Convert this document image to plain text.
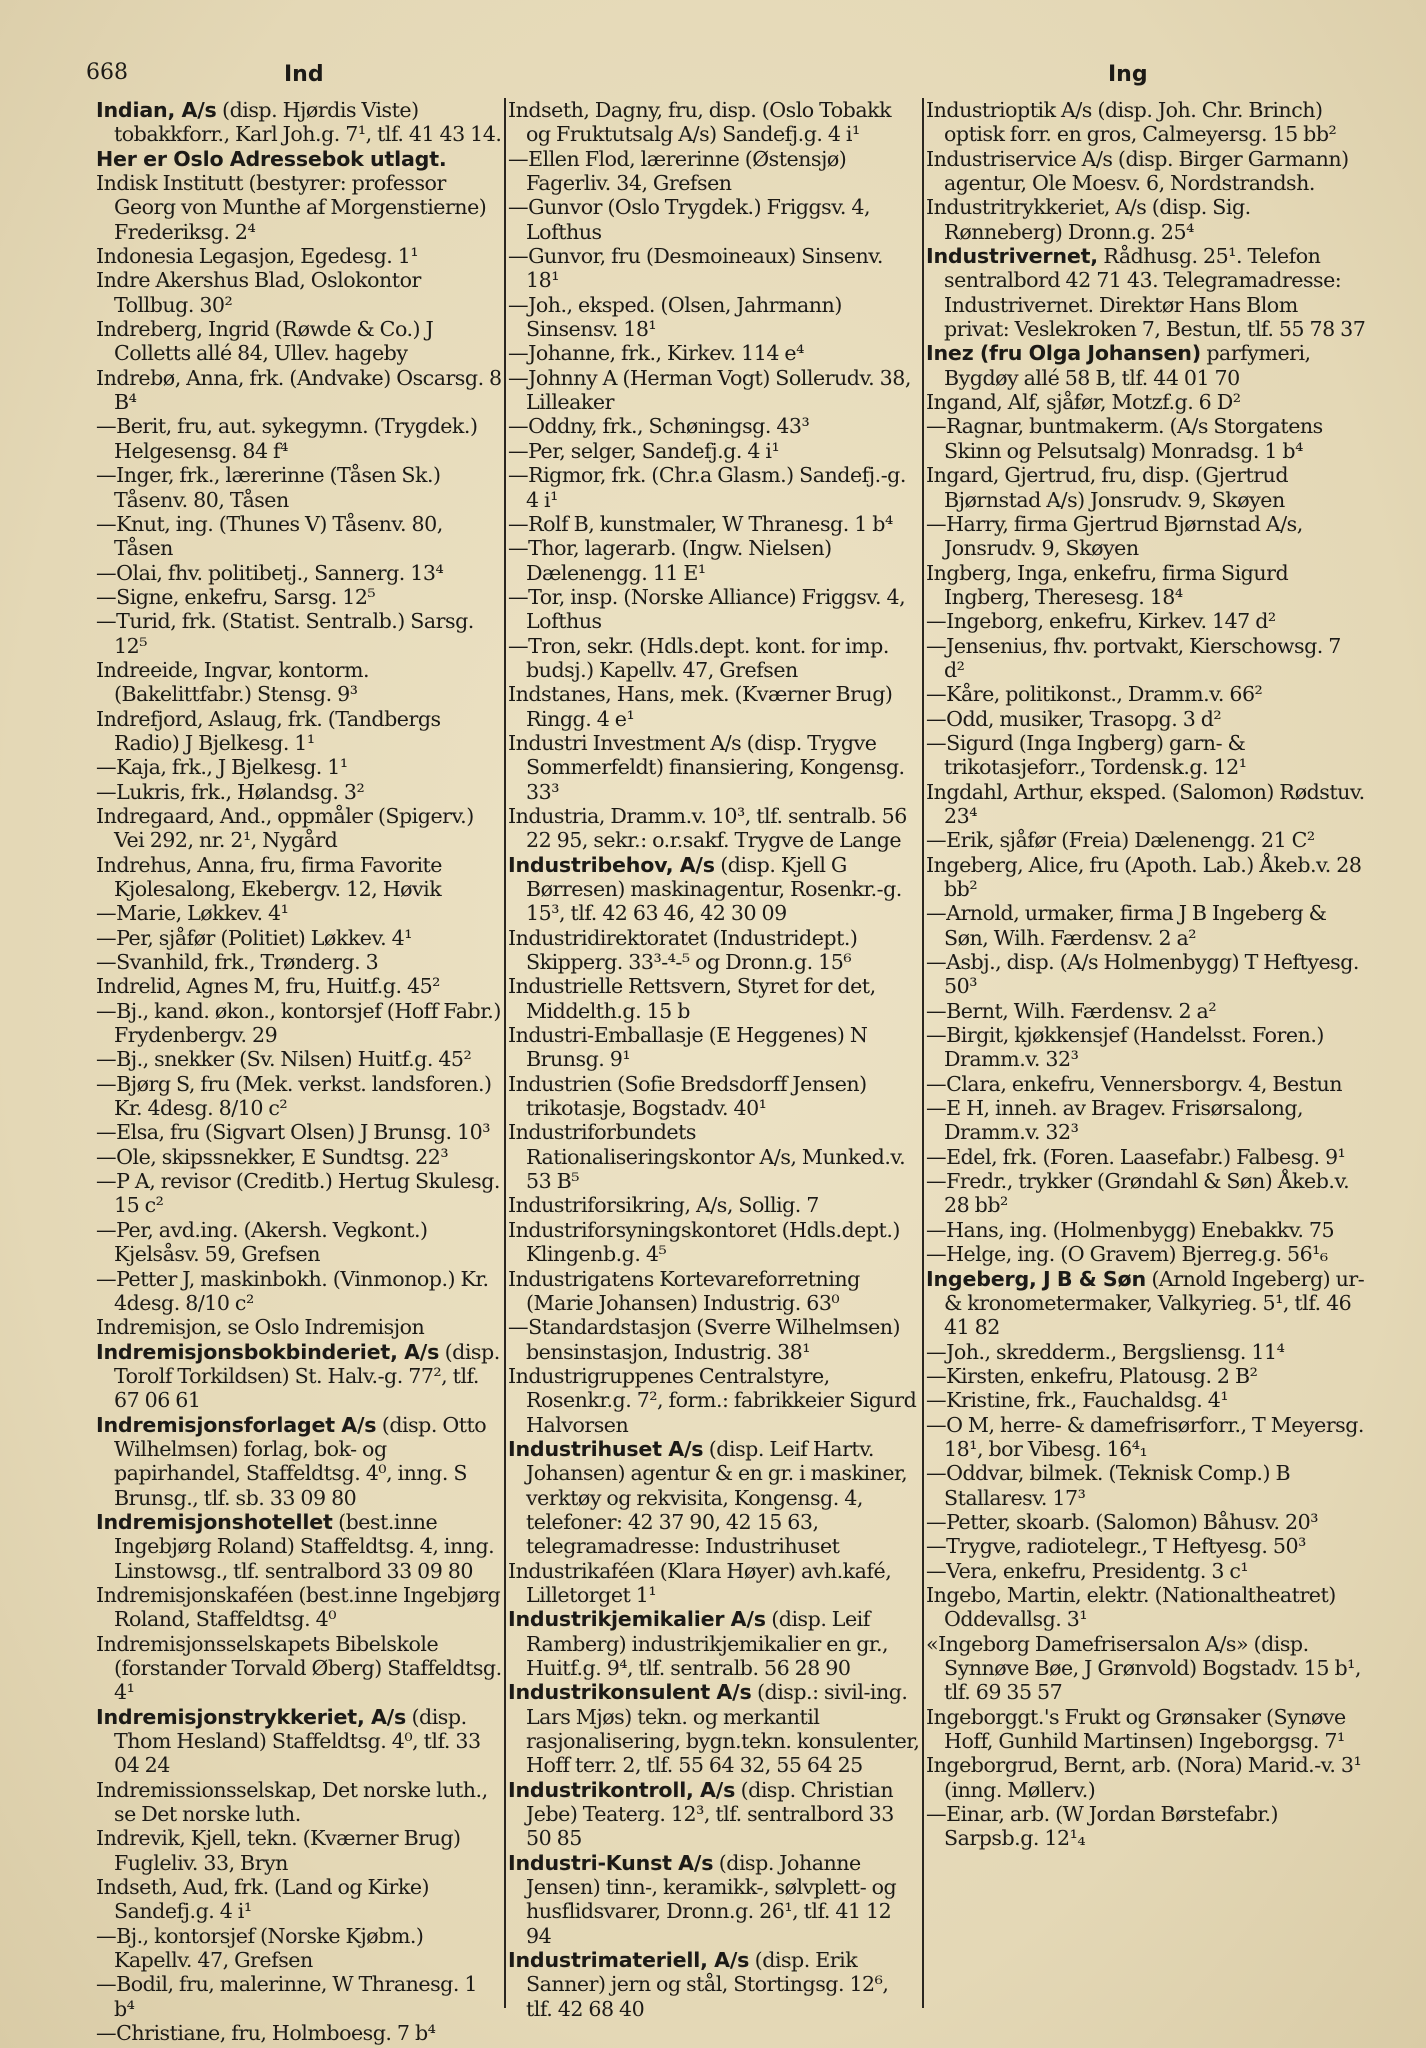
668	Ind	Ing

Indian, A/s (disp. Hjørdis Viste) tobakkforr., Karl Joh.g. 7¹, tlf. 41 43 14.

Her er Oslo Adressebok utlagt.

Indisk Institutt (bestyrer: professor Georg von Munthe af Morgenstierne) Frederiksg. 2⁴

Indonesia Legasjon, Egedesg. 1¹

Indre Akershus Blad, Oslokontor Tollbug. 30²

Indreberg, Ingrid (Røwde & Co.) J Colletts allé 84, Ullev. hageby

Indrebø, Anna, frk. (Andvake) Oscarsg. 8 B⁴

—Berit, fru, aut. sykegymn. (Trygdek.) Helgesensg. 84 f⁴

—Inger, frk., lærerinne (Tåsen Sk.) Tåsenv. 80, Tåsen

—Knut, ing. (Thunes V) Tåsenv. 80, Tåsen

—Olai, fhv. politibetj., Sannerg. 13⁴

—Signe, enkefru, Sarsg. 12⁵

—Turid, frk. (Statist. Sentralb.) Sarsg. 12⁵

Indreeide, Ingvar, kontorm. (Bakelittfabr.) Stensg. 9³

Indrefjord, Aslaug, frk. (Tandbergs Radio) J Bjelkesg. 1¹

—Kaja, frk., J Bjelkesg. 1¹

—Lukris, frk., Hølandsg. 3²

Indregaard, And., oppmåler (Spigerv.) Vei 292, nr. 2¹, Nygård

Indrehus, Anna, fru, firma Favorite Kjolesalong, Ekebergv. 12, Høvik

—Marie, Løkkev. 4¹

—Per, sjåfør (Politiet) Løkkev. 4¹

—Svanhild, frk., Trønderg. 3

Indrelid, Agnes M, fru, Huitf.g. 45²

—Bj., kand. økon., kontorsjef (Hoff Fabr.) Frydenbergv. 29

—Bj., snekker (Sv. Nilsen) Huitf.g. 45²

—Bjørg S, fru (Mek. verkst. landsforen.) Kr. 4desg. 8/10 c²

—Elsa, fru (Sigvart Olsen) J Brunsg. 10³

—Ole, skipssnekker, E Sundtsg. 22³

—P A, revisor (Creditb.) Hertug Skulesg. 15 c²

—Per, avd.ing. (Akersh. Vegkont.) Kjelsåsv. 59, Grefsen

—Petter J, maskinbokh. (Vinmonop.) Kr. 4desg. 8/10 c²

Indremisjon, se Oslo Indremisjon

Indremisjonsbokbinderiet, A/s (disp. Torolf Torkildsen) St. Halv.-g. 77², tlf. 67 06 61

Indremisjonsforlaget A/s (disp. Otto Wilhelmsen) forlag, bok- og papirhandel, Staffeldtsg. 4⁰, inng. S Brunsg., tlf. sb. 33 09 80

Indremisjonshotellet (best.inne Ingebjørg Roland) Staffeldtsg. 4, inng. Linstowsg., tlf. sentralbord 33 09 80

Indremisjonskaféen (best.inne Ingebjørg Roland, Staffeldtsg. 4⁰

Indremisjonsselskapets Bibelskole (forstander Torvald Øberg) Staffeldtsg. 4¹

Indremisjonstrykkeriet, A/s (disp. Thom Hesland) Staffeldtsg. 4⁰, tlf. 33 04 24

Indremissionsselskap, Det norske luth., se Det norske luth.

Indrevik, Kjell, tekn. (Kværner Brug) Fugleliv. 33, Bryn

Indseth, Aud, frk. (Land og Kirke) Sandefj.g. 4 i¹

—Bj., kontorsjef (Norske Kjøbm.) Kapellv. 47, Grefsen

—Bodil, fru, malerinne, W Thranesg. 1 b⁴

—Christiane, fru, Holmboesg. 7 b⁴

Indseth, Dagny, fru, disp. (Oslo Tobakk og Fruktutsalg A/s) Sandefj.g. 4 i¹

—Ellen Flod, lærerinne (Østensjø) Fagerliv. 34, Grefsen

—Gunvor (Oslo Trygdek.) Friggsv. 4, Lofthus

—Gunvor, fru (Desmoineaux) Sinsenv. 18¹

—Joh., eksped. (Olsen, Jahrmann) Sinsensv. 18¹

—Johanne, frk., Kirkev. 114 e⁴

—Johnny A (Herman Vogt) Sollerudv. 38, Lilleaker

—Oddny, frk., Schøningsg. 43³

—Per, selger, Sandefj.g. 4 i¹

—Rigmor, frk. (Chr.a Glasm.) Sandefj.-g. 4 i¹

—Rolf B, kunstmaler, W Thranesg. 1 b⁴

—Thor, lagerarb. (Ingw. Nielsen) Dælenengg. 11 E¹

—Tor, insp. (Norske Alliance) Friggsv. 4, Lofthus

—Tron, sekr. (Hdls.dept. kont. for imp. budsj.) Kapellv. 47, Grefsen

Indstanes, Hans, mek. (Kværner Brug) Ringg. 4 e¹

Industri Investment A/s (disp. Trygve Sommerfeldt) finansiering, Kongensg. 33³

Industria, Dramm.v. 10³, tlf. sentralb. 56 22 95, sekr.: o.r.sakf. Trygve de Lange

Industribehov, A/s (disp. Kjell G Børresen) maskinagentur, Rosenkr.-g. 15³, tlf. 42 63 46, 42 30 09

Industridirektoratet (Industridept.) Skipperg. 33³-⁴-⁵ og Dronn.g. 15⁶

Industrielle Rettsvern, Styret for det, Middelth.g. 15 b

Industri-Emballasje (E Heggenes) N Brunsg. 9¹

Industrien (Sofie Bredsdorff Jensen) trikotasje, Bogstadv. 40¹

Industriforbundets Rationaliseringskontor A/s, Munked.v. 53 B⁵

Industriforsikring, A/s, Sollig. 7

Industriforsyningskontoret (Hdls.dept.) Klingenb.g. 4⁵

Industrigatens Kortevareforretning (Marie Johansen) Industrig. 63⁰

—Standardstasjon (Sverre Wilhelmsen) bensinstasjon, Industrig. 38¹

Industrigruppenes Centralstyre, Rosenkr.g. 7², form.: fabrikkeier Sigurd Halvorsen

Industrihuset A/s (disp. Leif Hartv. Johansen) agentur & en gr. i maskiner, verktøy og rekvisita, Kongensg. 4, telefoner: 42 37 90, 42 15 63, telegramadresse: Industrihuset

Industrikaféen (Klara Høyer) avh.kafé, Lilletorget 1¹

Industrikjemikalier A/s (disp. Leif Ramberg) industrikjemikalier en gr., Huitf.g. 9⁴, tlf. sentralb. 56 28 90

Industrikonsulent A/s (disp.: sivil-ing. Lars Mjøs) tekn. og merkantil rasjonalisering, bygn.tekn. konsulenter, Hoff terr. 2, tlf. 55 64 32, 55 64 25

Industrikontroll, A/s (disp. Christian Jebe) Teaterg. 12³, tlf. sentralbord 33 50 85

Industri-Kunst A/s (disp. Johanne Jensen) tinn-, keramikk-, sølvplett- og husflidsvarer, Dronn.g. 26¹, tlf. 41 12 94

Industrimateriell, A/s (disp. Erik Sanner) jern og stål, Stortingsg. 12⁶, tlf. 42 68 40

Industrioptik A/s (disp. Joh. Chr. Brinch) optisk forr. en gros, Calmeyersg. 15 bb²

Industriservice A/s (disp. Birger Garmann) agentur, Ole Moesv. 6, Nordstrandsh.

Industritrykkeriet, A/s (disp. Sig. Rønneberg) Dronn.g. 25⁴

Industrivernet, Rådhusg. 25¹. Telefon sentralbord 42 71 43. Telegramadresse: Industrivernet. Direktør Hans Blom privat: Veslekroken 7, Bestun, tlf. 55 78 37

Inez (fru Olga Johansen) parfymeri, Bygdøy allé 58 B, tlf. 44 01 70

Ingand, Alf, sjåfør, Motzf.g. 6 D²

—Ragnar, buntmakerm. (A/s Storgatens Skinn og Pelsutsalg) Monradsg. 1 b⁴

Ingard, Gjertrud, fru, disp. (Gjertrud Bjørnstad A/s) Jonsrudv. 9, Skøyen

—Harry, firma Gjertrud Bjørnstad A/s, Jonsrudv. 9, Skøyen

Ingberg, Inga, enkefru, firma Sigurd Ingberg, Theresesg. 18⁴

—Ingeborg, enkefru, Kirkev. 147 d²

—Jensenius, fhv. portvakt, Kierschowsg. 7 d²

—Kåre, politikonst., Dramm.v. 66²

—Odd, musiker, Trasopg. 3 d²

—Sigurd (Inga Ingberg) garn- & trikotasjeforr., Tordensk.g. 12¹

Ingdahl, Arthur, eksped. (Salomon) Rødstuv. 23⁴

—Erik, sjåfør (Freia) Dælenengg. 21 C²

Ingeberg, Alice, fru (Apoth. Lab.) Åkeb.v. 28 bb²

—Arnold, urmaker, firma J B Ingeberg & Søn, Wilh. Færdensv. 2 a²

—Asbj., disp. (A/s Holmenbygg) T Heftyesg. 50³

—Bernt, Wilh. Færdensv. 2 a²

—Birgit, kjøkkensjef (Handelsst. Foren.) Dramm.v. 32³

—Clara, enkefru, Vennersborgv. 4, Bestun

—E H, inneh. av Bragev. Frisørsalong, Dramm.v. 32³

—Edel, frk. (Foren. Laasefabr.) Falbesg. 9¹

—Fredr., trykker (Grøndahl & Søn) Åkeb.v. 28 bb²

—Hans, ing. (Holmenbygg) Enebakkv. 75

—Helge, ing. (O Gravem) Bjerreg.g. 56¹₆

Ingeberg, J B & Søn (Arnold Ingeberg) ur- & kronometermaker, Valkyrieg. 5¹, tlf. 46 41 82

—Joh., skredderm., Bergsliensg. 11⁴

—Kirsten, enkefru, Platousg. 2 B²

—Kristine, frk., Fauchaldsg. 4¹

—O M, herre- & damefrisørforr., T Meyersg. 18¹, bor Vibesg. 16⁴₁

—Oddvar, bilmek. (Teknisk Comp.) B Stallaresv. 17³

—Petter, skoarb. (Salomon) Båhusv. 20³

—Trygve, radiotelegr., T Heftyesg. 50³

—Vera, enkefru, Presidentg. 3 c¹

Ingebo, Martin, elektr. (Nationaltheatret) Oddevallsg. 3¹

«Ingeborg Damefrisersalon A/s» (disp. Synnøve Bøe, J Grønvold) Bogstadv. 15 b¹, tlf. 69 35 57

Ingeborggt.'s Frukt og Grønsaker (Synøve Hoff, Gunhild Martinsen) Ingeborgsg. 7¹

Ingeborgrud, Bernt, arb. (Nora) Marid.-v. 3¹ (inng. Møllerv.)

—Einar, arb. (W Jordan Børstefabr.) Sarpsb.g. 12¹₄
